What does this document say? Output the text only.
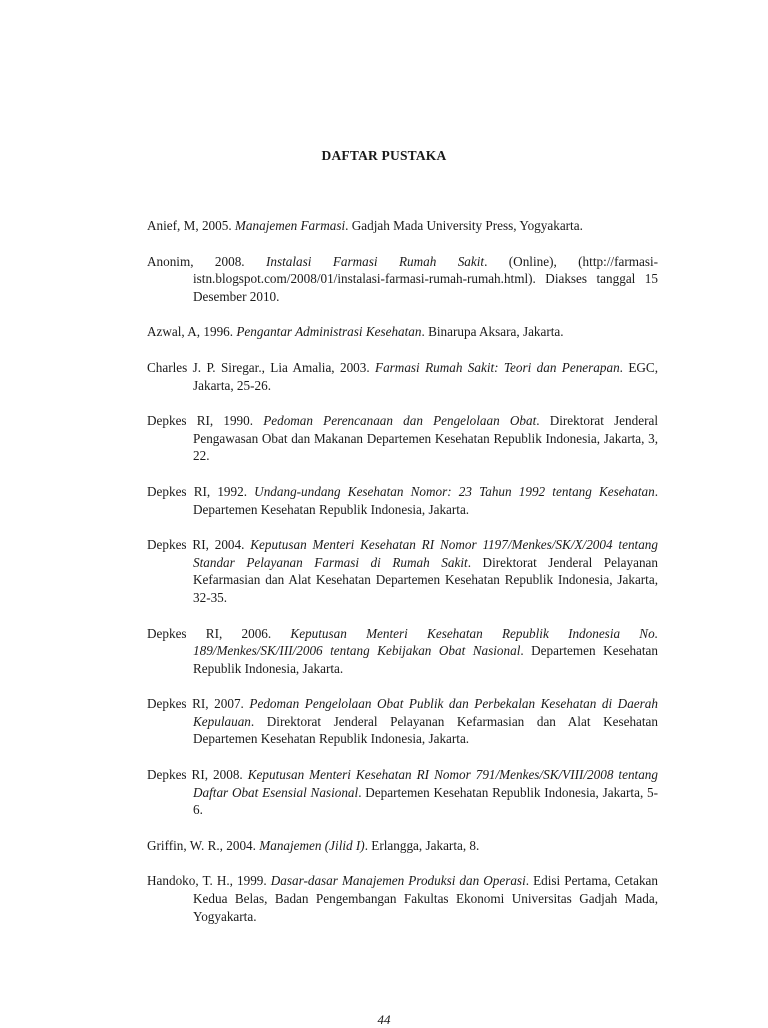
DAFTAR PUSTAKA

Anief, M, 2005. Manajemen Farmasi. Gadjah Mada University Press, Yogyakarta.

Anonim, 2008. Instalasi Farmasi Rumah Sakit. (Online), (http://farmasi-istn.blogspot.com/2008/01/instalasi-farmasi-rumah-rumah.html). Diakses tanggal 15 Desember 2010.

Azwal, A, 1996. Pengantar Administrasi Kesehatan. Binarupa Aksara, Jakarta.

Charles J. P. Siregar., Lia Amalia, 2003. Farmasi Rumah Sakit: Teori dan Penerapan. EGC, Jakarta, 25-26.

Depkes RI, 1990. Pedoman Perencanaan dan Pengelolaan Obat. Direktorat Jenderal Pengawasan Obat dan Makanan Departemen Kesehatan Republik Indonesia, Jakarta, 3, 22.

Depkes RI, 1992. Undang-undang Kesehatan Nomor: 23 Tahun 1992 tentang Kesehatan. Departemen Kesehatan Republik Indonesia, Jakarta.

Depkes RI, 2004. Keputusan Menteri Kesehatan RI Nomor 1197/Menkes/SK/X/2004 tentang Standar Pelayanan Farmasi di Rumah Sakit. Direktorat Jenderal Pelayanan Kefarmasian dan Alat Kesehatan Departemen Kesehatan Republik Indonesia, Jakarta, 32-35.

Depkes RI, 2006. Keputusan Menteri Kesehatan Republik Indonesia No. 189/Menkes/SK/III/2006 tentang Kebijakan Obat Nasional. Departemen Kesehatan Republik Indonesia, Jakarta.

Depkes RI, 2007. Pedoman Pengelolaan Obat Publik dan Perbekalan Kesehatan di Daerah Kepulauan. Direktorat Jenderal Pelayanan Kefarmasian dan Alat Kesehatan Departemen Kesehatan Republik Indonesia, Jakarta.

Depkes RI, 2008. Keputusan Menteri Kesehatan RI Nomor 791/Menkes/SK/VIII/2008 tentang Daftar Obat Esensial Nasional. Departemen Kesehatan Republik Indonesia, Jakarta, 5-6.

Griffin, W. R., 2004. Manajemen (Jilid I). Erlangga, Jakarta, 8.

Handoko, T. H., 1999. Dasar-dasar Manajemen Produksi dan Operasi. Edisi Pertama, Cetakan Kedua Belas, Badan Pengembangan Fakultas Ekonomi Universitas Gadjah Mada, Yogyakarta.

44
